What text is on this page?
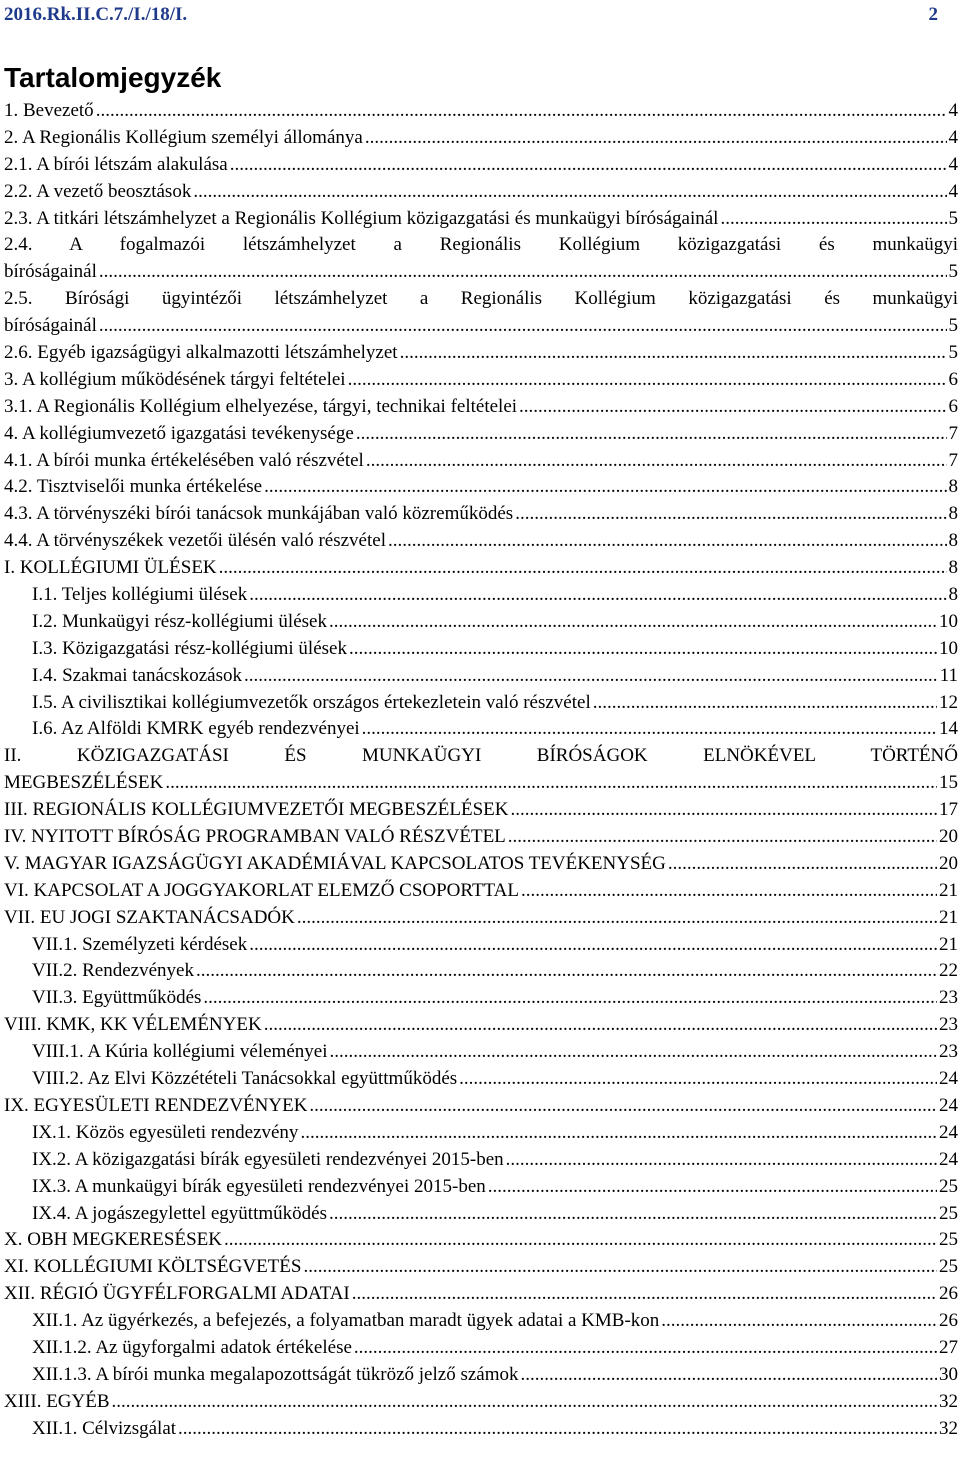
2016.Rk.II.C.7./I./18/I.	2
Tartalomjegyzék
1. Bevezető .....	4
2. A Regionális Kollégium személyi állománya .....	4
2.1. A bírói létszám alakulása .....	4
2.2. A vezető beosztások .....	4
2.3. A titkári létszámhelyzet a Regionális Kollégium közigazgatási és munkaügyi bíróságainál .....	5
2.4. A fogalmazói létszámhelyzet a Regionális Kollégium közigazgatási és munkaügyi
bíróságainál .....	5
2.5. Bírósági ügyintézői létszámhelyzet a Regionális Kollégium közigazgatási és munkaügyi
bíróságainál .....	5
2.6. Egyéb igazságügyi alkalmazotti létszámhelyzet .....	5
3. A kollégium működésének tárgyi feltételei .....	6
3.1. A Regionális Kollégium elhelyezése, tárgyi, technikai feltételei .....	6
4. A kollégiumvezető igazgatási tevékenysége .....	7
4.1. A bírói munka értékelésében való részvétel .....	7
4.2. Tisztviselői munka értékelése .....	8
4.3. A törvényszéki bírói tanácsok munkájában való közreműködés .....	8
4.4. A törvényszékek vezetői ülésén való részvétel .....	8
I. KOLLÉGIUMI ÜLÉSEK .....	8
I.1. Teljes kollégiumi ülések .....	8
I.2. Munkaügyi rész-kollégiumi ülések .....	10
I.3. Közigazgatási rész-kollégiumi ülések .....	10
I.4. Szakmai tanácskozások .....	11
I.5. A civilisztikai kollégiumvezetők országos értekezletein való részvétel .....	12
I.6. Az Alföldi KMRK egyéb rendezvényei .....	14
II. KÖZIGAZGATÁSI ÉS MUNKAÜGYI BÍRÓSÁGOK ELNÖKÉVEL TÖRTÉNŐ
MEGBESZÉLÉSEK .....	15
III. REGIONÁLIS KOLLÉGIUMVEZETŐI MEGBESZÉLÉSEK .....	17
IV. NYITOTT BÍRÓSÁG PROGRAMBAN VALÓ RÉSZVÉTEL .....	20
V. MAGYAR IGAZSÁGÜGYI AKADÉMIÁVAL KAPCSOLATOS TEVÉKENYSÉG .....	20
VI. KAPCSOLAT A JOGGYAKORLAT ELEMZŐ CSOPORTTAL .....	21
VII. EU JOGI SZAKTANÁCSADÓK .....	21
VII.1. Személyzeti kérdések .....	21
VII.2. Rendezvények .....	22
VII.3. Együttműködés .....	23
VIII. KMK, KK VÉLEMÉNYEK .....	23
VIII.1. A Kúria kollégiumi véleményei .....	23
VIII.2. Az Elvi Közzétételi Tanácsokkal együttműködés .....	24
IX. EGYESÜLETI RENDEZVÉNYEK .....	24
IX.1. Közös egyesületi rendezvény .....	24
IX.2. A közigazgatási bírák egyesületi rendezvényei 2015-ben .....	24
IX.3. A munkaügyi bírák egyesületi rendezvényei 2015-ben .....	25
IX.4. A jogászegylettel együttműködés .....	25
X. OBH MEGKERESÉSEK .....	25
XI. KOLLÉGIUMI KÖLTSÉGVETÉS .....	25
XII. RÉGIÓ ÜGYFÉLFORGALMI ADATAI .....	26
XII.1. Az ügyérkezés, a befejezés, a folyamatban maradt ügyek adatai a KMB-kon .....	26
XII.1.2. Az ügyforgalmi adatok értékelése .....	27
XII.1.3. A bírói munka megalapozottságát tükröző jelző számok .....	30
XIII. EGYÉB .....	32
XII.1. Célvizsgálat .....	32
